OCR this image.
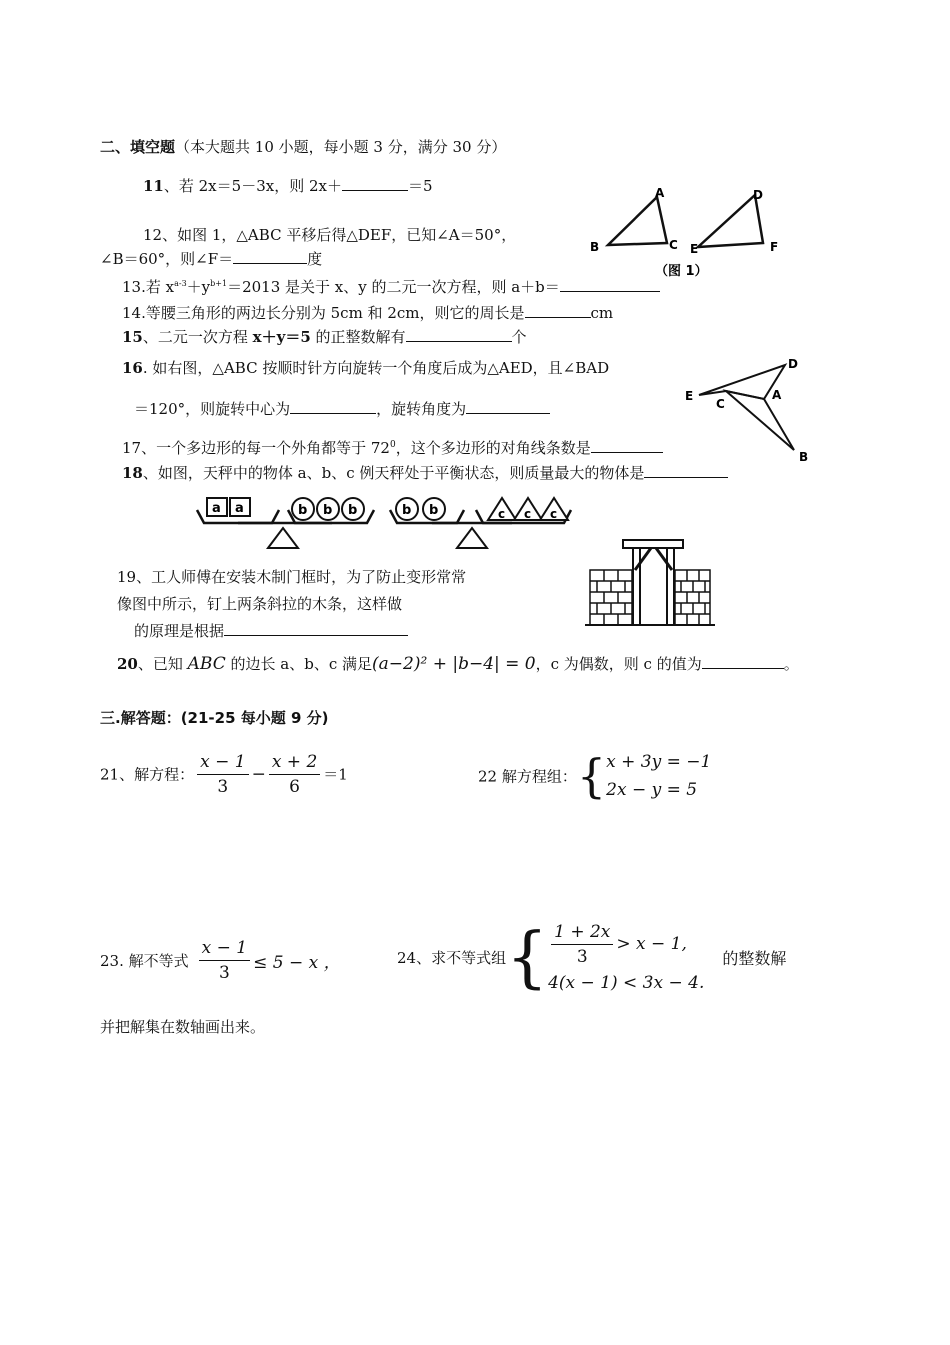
二、填空题（本大题共 10 小题，每小题 3 分，满分 30 分）
11、若 2x＝5－3x，则 2x＋	＝5
12、如图 1，△ABC 平移后得△DEF，已知∠A＝50°，
∠B＝60°，则∠F＝	度
A
B	C
D
E	F
（图 1）
13.若 $x^{a-3}+y^{b+1}=2013$ 是关于 x、y 的二元一次方程，则 a＋b＝
14.等腰三角形的两边长分别为 5cm 和 2cm，则它的周长是	cm
15、二元一次方程 x＋y＝5 的正整数解有	个
16. 如右图，△ABC 按顺时针方向旋转一个角度后成为△AED，且∠BAD
＝120°，则旋转中心为	，旋转角度为
D
E
C
A
B
17、一个多边形的每一个外角都等于 $72^0$，这个多边形的对角线条数是
18、如图，天秤中的物体 a、b、c 例天秤处于平衡状态，则质量最大的物体是
a a	b b b	b b	c c c
19、工人师傅在安装木制门框时，为了防止变形常常
像图中所示，钉上两条斜拉的木条，这样做
的原理是根据
20、已知 ABC 的边长 a、b、c 满足(a−2)² + |b−4| = 0，c 为偶数，则 c 的值为	。
三.解答题：(21-25 每小题 9 分)
21、解方程： $\frac{x - 1}{3} - \frac{x + 2}{6} =1$	22 解方程组：{ x + 3y = −1
2x − y = 5
23. 解不等式 $\frac{x - 1}{3} \le 5 - x$ ，	24、求不等式组{ $\frac{1 + 2x}{3} > x - 1$,
4(x − 1) < 3x − 4.
的整数解
并把解集在数轴画出来。
